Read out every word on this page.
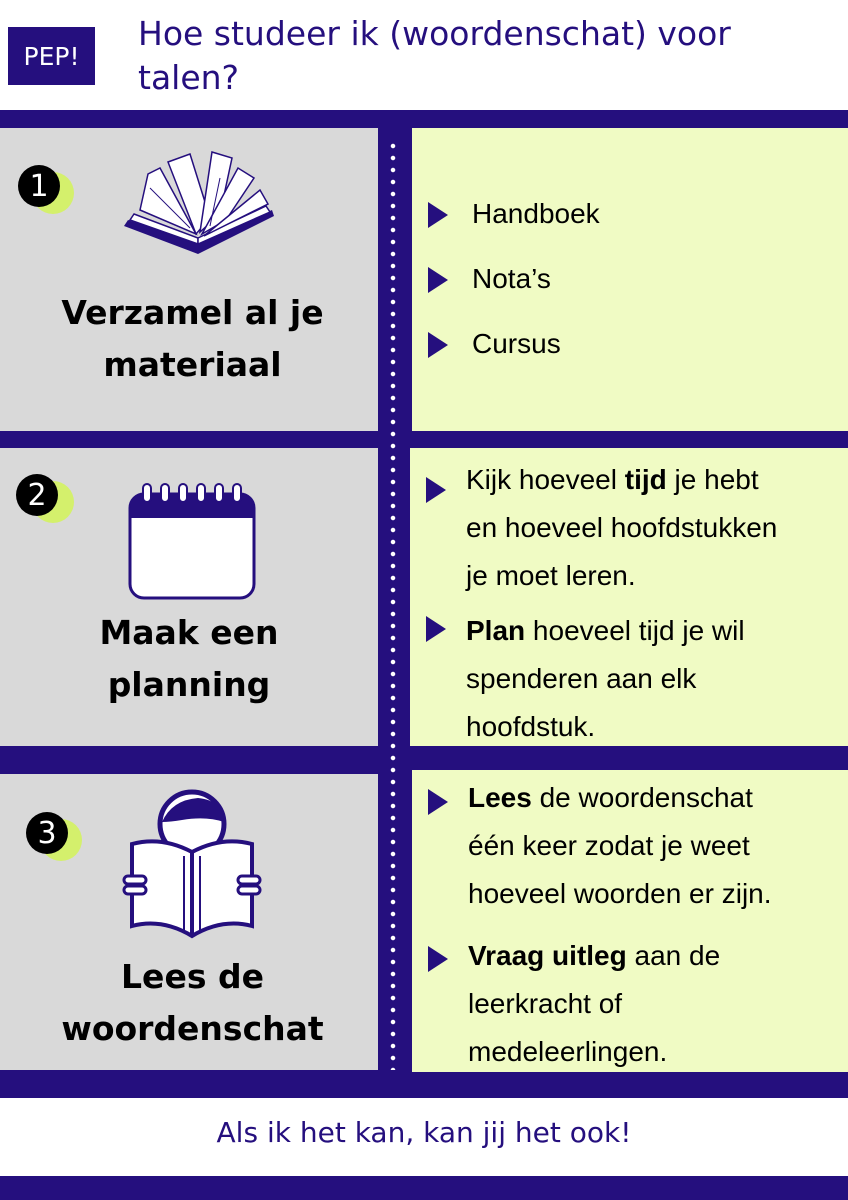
PEP!
Hoe studeer ik (woordenschat) voor talen?
1
Verzamel al je
materiaal
Handboek
Nota’s
Cursus
2
Maak een
planning
Kijk hoeveel tijd je hebt
en hoeveel hoofdstukken
je moet leren.
Plan hoeveel tijd je wil
spenderen aan elk
hoofdstuk.
3
Lees de
woordenschat
Lees de woordenschat
één keer zodat je weet
hoeveel woorden er zijn.
Vraag uitleg aan de
leerkracht of
medeleerlingen.
Als ik het kan, kan jij het ook!
